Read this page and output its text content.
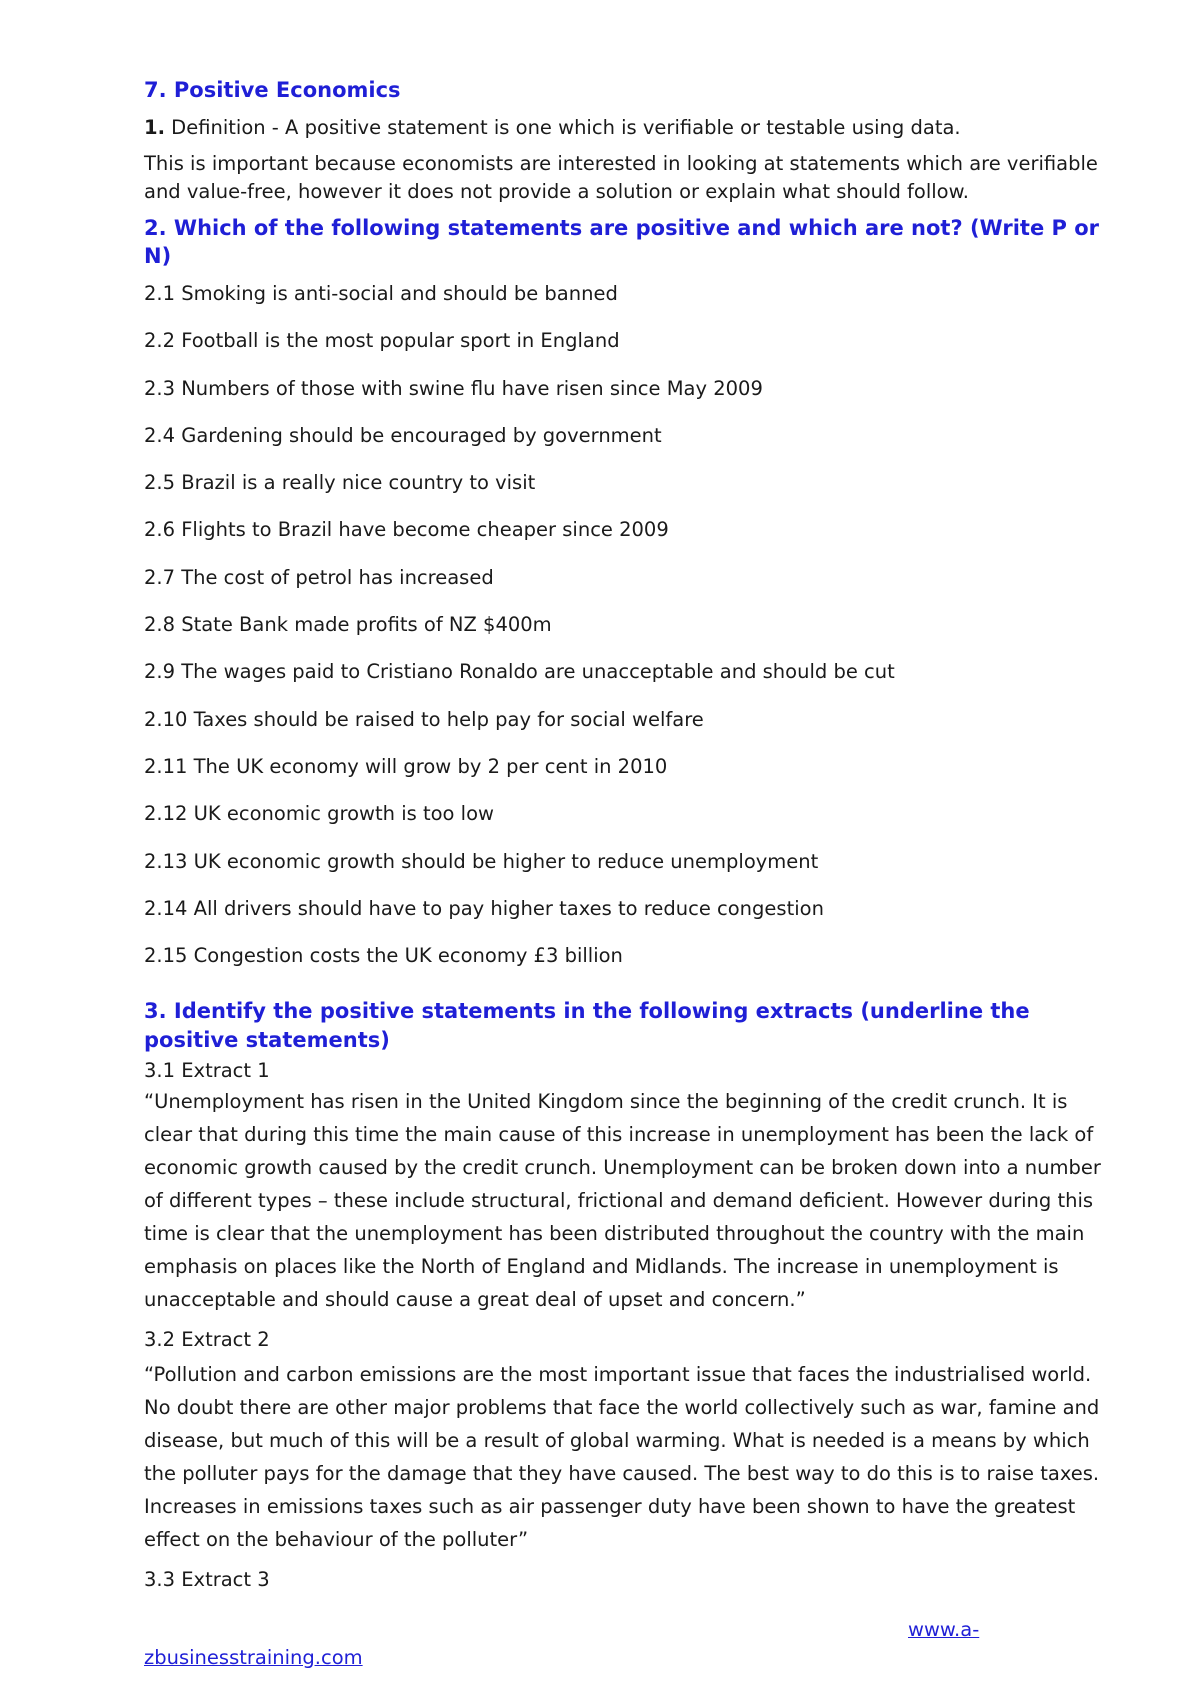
7. Positive Economics

1. Definition - A positive statement is one which is verifiable or testable using data.

This is important because economists are interested in looking at statements which are verifiable and value-free, however it does not provide a solution or explain what should follow.

2. Which of the following statements are positive and which are not? (Write P or N)
2.1 Smoking is anti-social and should be banned
2.2 Football is the most popular sport in England
2.3 Numbers of those with swine flu have risen since May 2009
2.4 Gardening should be encouraged by government
2.5 Brazil is a really nice country to visit
2.6 Flights to Brazil have become cheaper since 2009
2.7 The cost of petrol has increased
2.8 State Bank made profits of NZ $400m
2.9 The wages paid to Cristiano Ronaldo are unacceptable and should be cut
2.10 Taxes should be raised to help pay for social welfare
2.11 The UK economy will grow by 2 per cent in 2010
2.12 UK economic growth is too low
2.13 UK economic growth should be higher to reduce unemployment
2.14 All drivers should have to pay higher taxes to reduce congestion
2.15 Congestion costs the UK economy £3 billion
3. Identify the positive statements in the following extracts (underline the positive statements)

3.1 Extract 1

“Unemployment has risen in the United Kingdom since the beginning of the credit crunch. It is clear that during this time the main cause of this increase in unemployment has been the lack of economic growth caused by the credit crunch. Unemployment can be broken down into a number of different types – these include structural, frictional and demand deficient. However during this time is clear that the unemployment has been distributed throughout the country with the main emphasis on places like the North of England and Midlands. The increase in unemployment is unacceptable and should cause a great deal of upset and concern.”

3.2 Extract 2

“Pollution and carbon emissions are the most important issue that faces the industrialised world. No doubt there are other major problems that face the world collectively such as war, famine and disease, but much of this will be a result of global warming. What is needed is a means by which the polluter pays for the damage that they have caused. The best way to do this is to raise taxes. Increases in emissions taxes such as air passenger duty have been shown to have the greatest effect on the behaviour of the polluter”

3.3 Extract 3

www.a-
zbusinesstraining.com
